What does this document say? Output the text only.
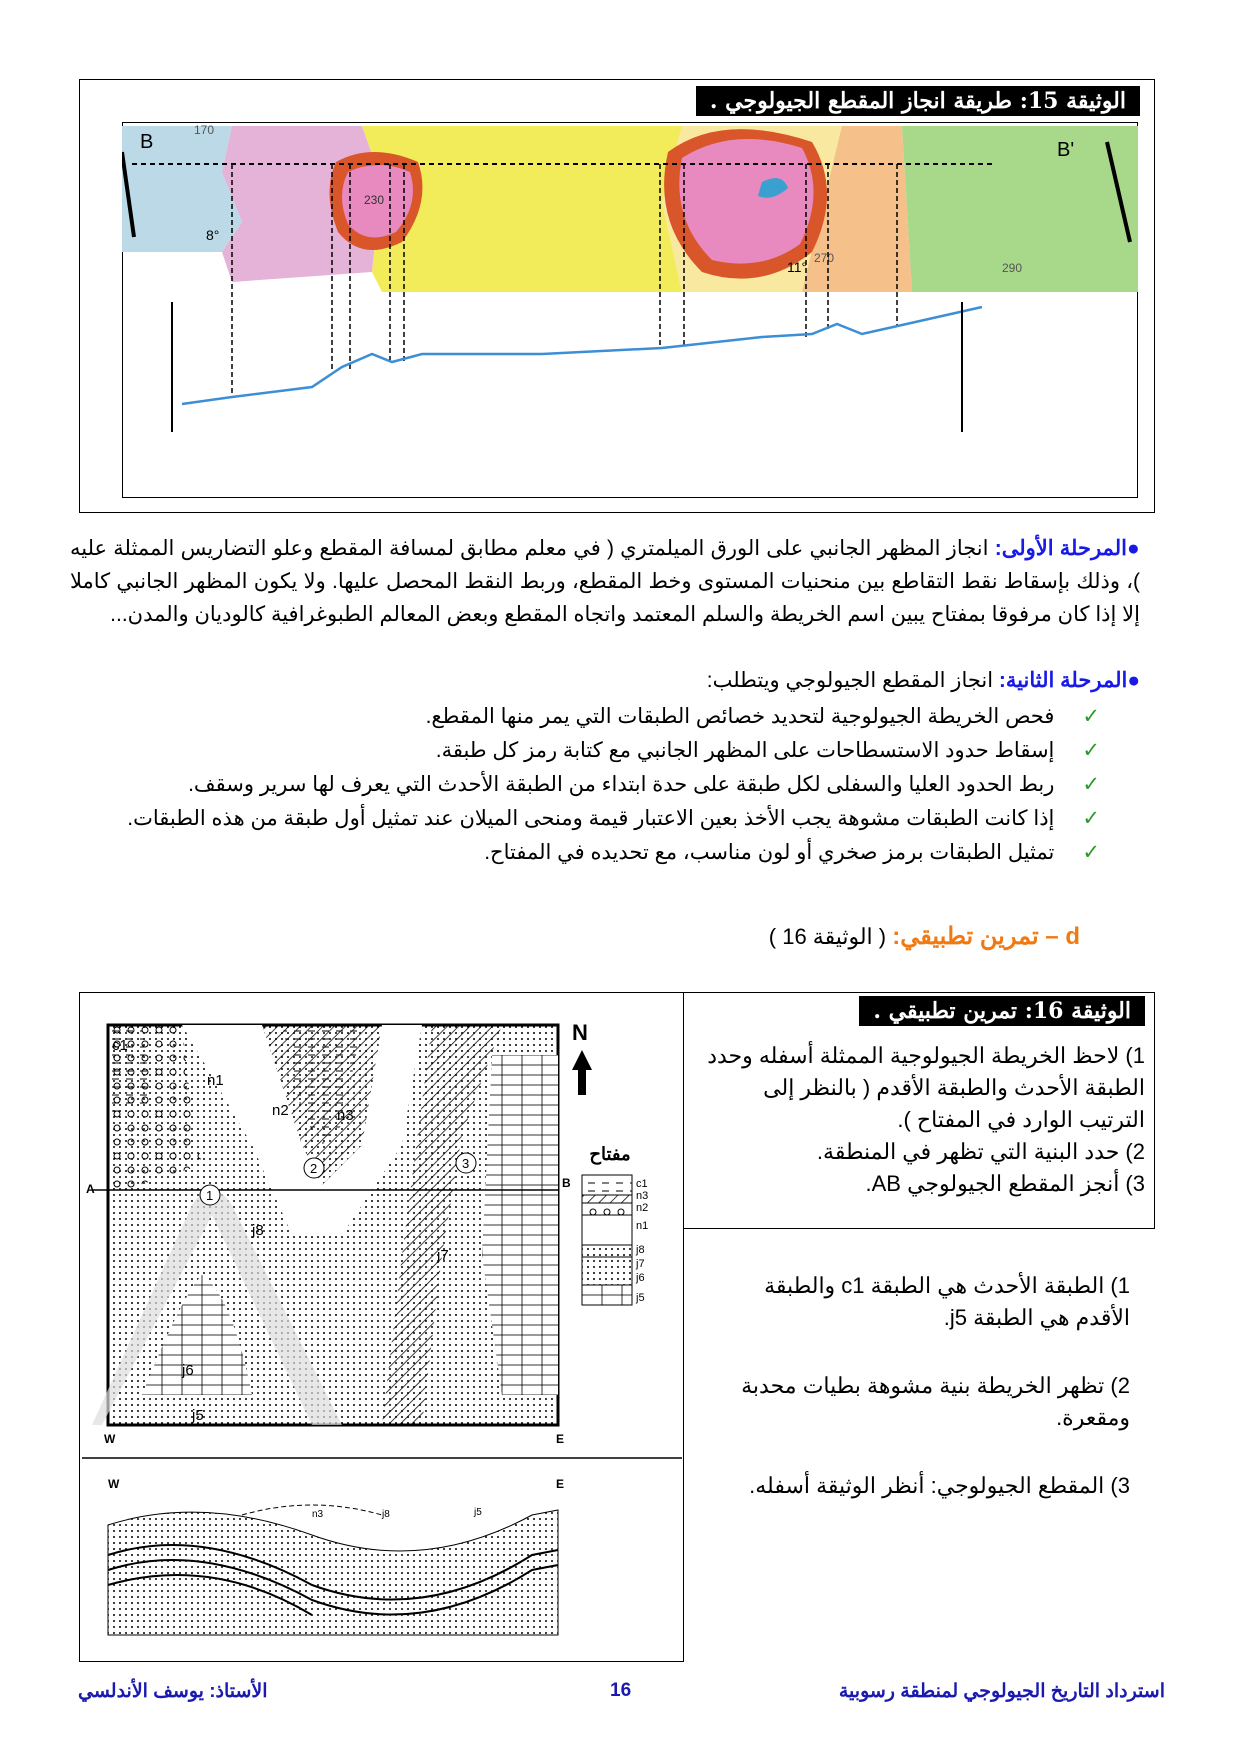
الوثيقة 15: طريقة انجاز المقطع الجيولوجي .
B	B'
170
230
270
290
8°
11°
●المرحلة الأولى: انجاز المظهر الجانبي على الورق الميلمتري ( في معلم مطابق لمسافة المقطع وعلو التضاريس الممثلة عليه )، وذلك بإسقاط نقط التقاطع بين منحنيات المستوى وخط المقطع، وربط النقط المحصل عليها. ولا يكون المظهر الجانبي كاملا إلا إذا كان مرفوقا بمفتاح يبين اسم الخريطة والسلم المعتمد واتجاه المقطع وبعض المعالم الطبوغرافية كالوديان والمدن...
●المرحلة الثانية: انجاز المقطع الجيولوجي ويتطلب:
✓فحص الخريطة الجيولوجية لتحديد خصائص الطبقات التي يمر منها المقطع.
✓إسقاط حدود الاستسطاحات على المظهر الجانبي مع كتابة رمز كل طبقة.
✓ربط الحدود العليا والسفلى لكل طبقة على حدة ابتداء من الطبقة الأحدث التي يعرف لها سرير وسقف.
✓إذا كانت الطبقات مشوهة يجب الأخذ بعين الاعتبار قيمة ومنحى الميلان عند تمثيل أول طبقة من هذه الطبقات.
✓تمثيل الطبقات برمز صخري أو لون مناسب، مع تحديده في المفتاح.
d – تمرين تطبيقي: ( الوثيقة 16 )
الوثيقة 16: تمرين تطبيقي .
1) لاحظ الخريطة الجيولوجية الممثلة أسفله وحدد الطبقة الأحدث والطبقة الأقدم ( بالنظر إلى الترتيب الوارد في المفتاح ).
2) حدد البنية التي تظهر في المنطقة.
3) أنجز المقطع الجيولوجي AB.
1) الطبقة الأحدث هي الطبقة c1 والطبقة الأقدم هي الطبقة j5.
2) تظهر الخريطة بنية مشوهة بطيات محدبة ومقعرة.
3) المقطع الجيولوجي: أنظر الوثيقة أسفله.
1
2	3
c1
n1
n2	n3
j8
j7
j6
j5
A	B
W	E
N
مفتاح
c1
n3
n2
n1
j8
j7
j6
j5
W	E
n3	j8	j5
استرداد التاريخ الجيولوجي لمنطقة رسوبية
16
الأستاذ: يوسف الأندلسي
